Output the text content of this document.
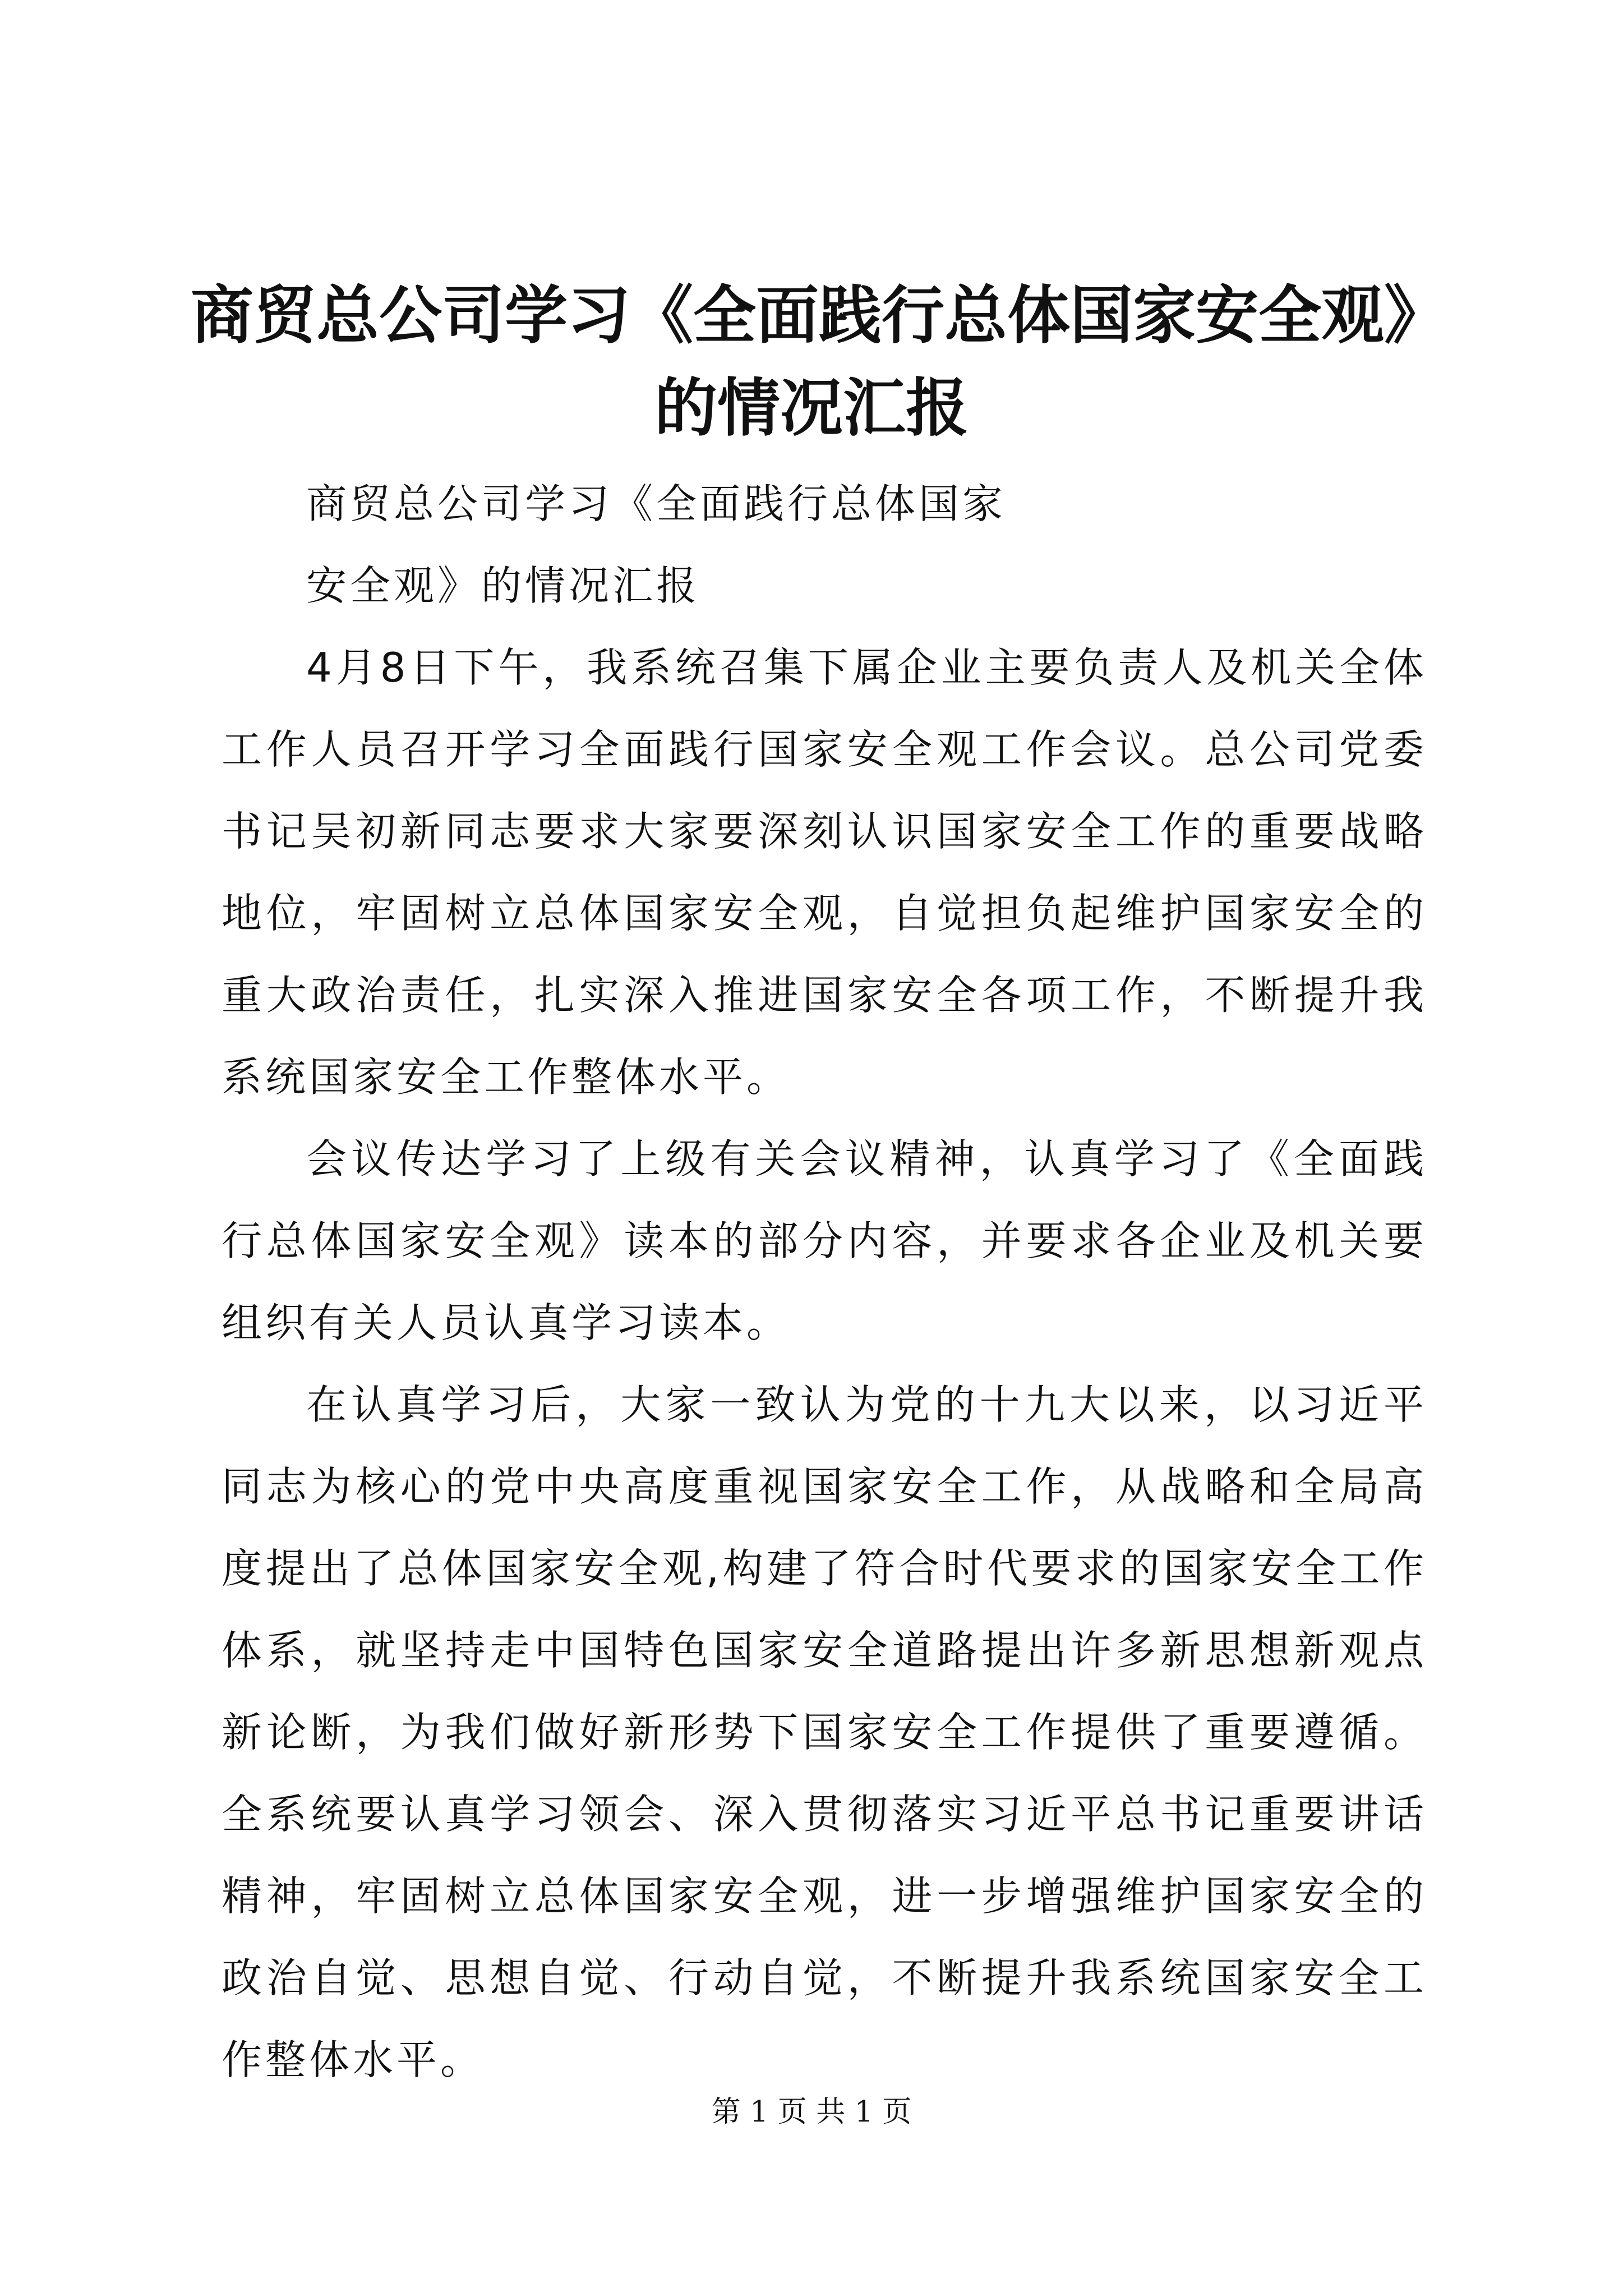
商贸总公司学习《全面践行总体国家安全观》
的情况汇报

商贸总公司学习《全面践行总体国家

安全观》的情况汇报

4月8日下午，我系统召集下属企业主要负责人及机关全体工作人员召开学习全面践行国家安全观工作会议。总公司党委书记吴初新同志要求大家要深刻认识国家安全工作的重要战略地位，牢固树立总体国家安全观，自觉担负起维护国家安全的重大政治责任，扎实深入推进国家安全各项工作，不断提升我系统国家安全工作整体水平。

会议传达学习了上级有关会议精神，认真学习了《全面践行总体国家安全观》读本的部分内容，并要求各企业及机关要组织有关人员认真学习读本。

在认真学习后，大家一致认为党的十九大以来，以习近平同志为核心的党中央高度重视国家安全工作，从战略和全局高度提出了总体国家安全观,构建了符合时代要求的国家安全工作体系，就坚持走中国特色国家安全道路提出许多新思想新观点新论断，为我们做好新形势下国家安全工作提供了重要遵循。全系统要认真学习领会、深入贯彻落实习近平总书记重要讲话精神，牢固树立总体国家安全观，进一步增强维护国家安全的政治自觉、思想自觉、行动自觉，不断提升我系统国家安全工作整体水平。

第 1 页 共 1 页
